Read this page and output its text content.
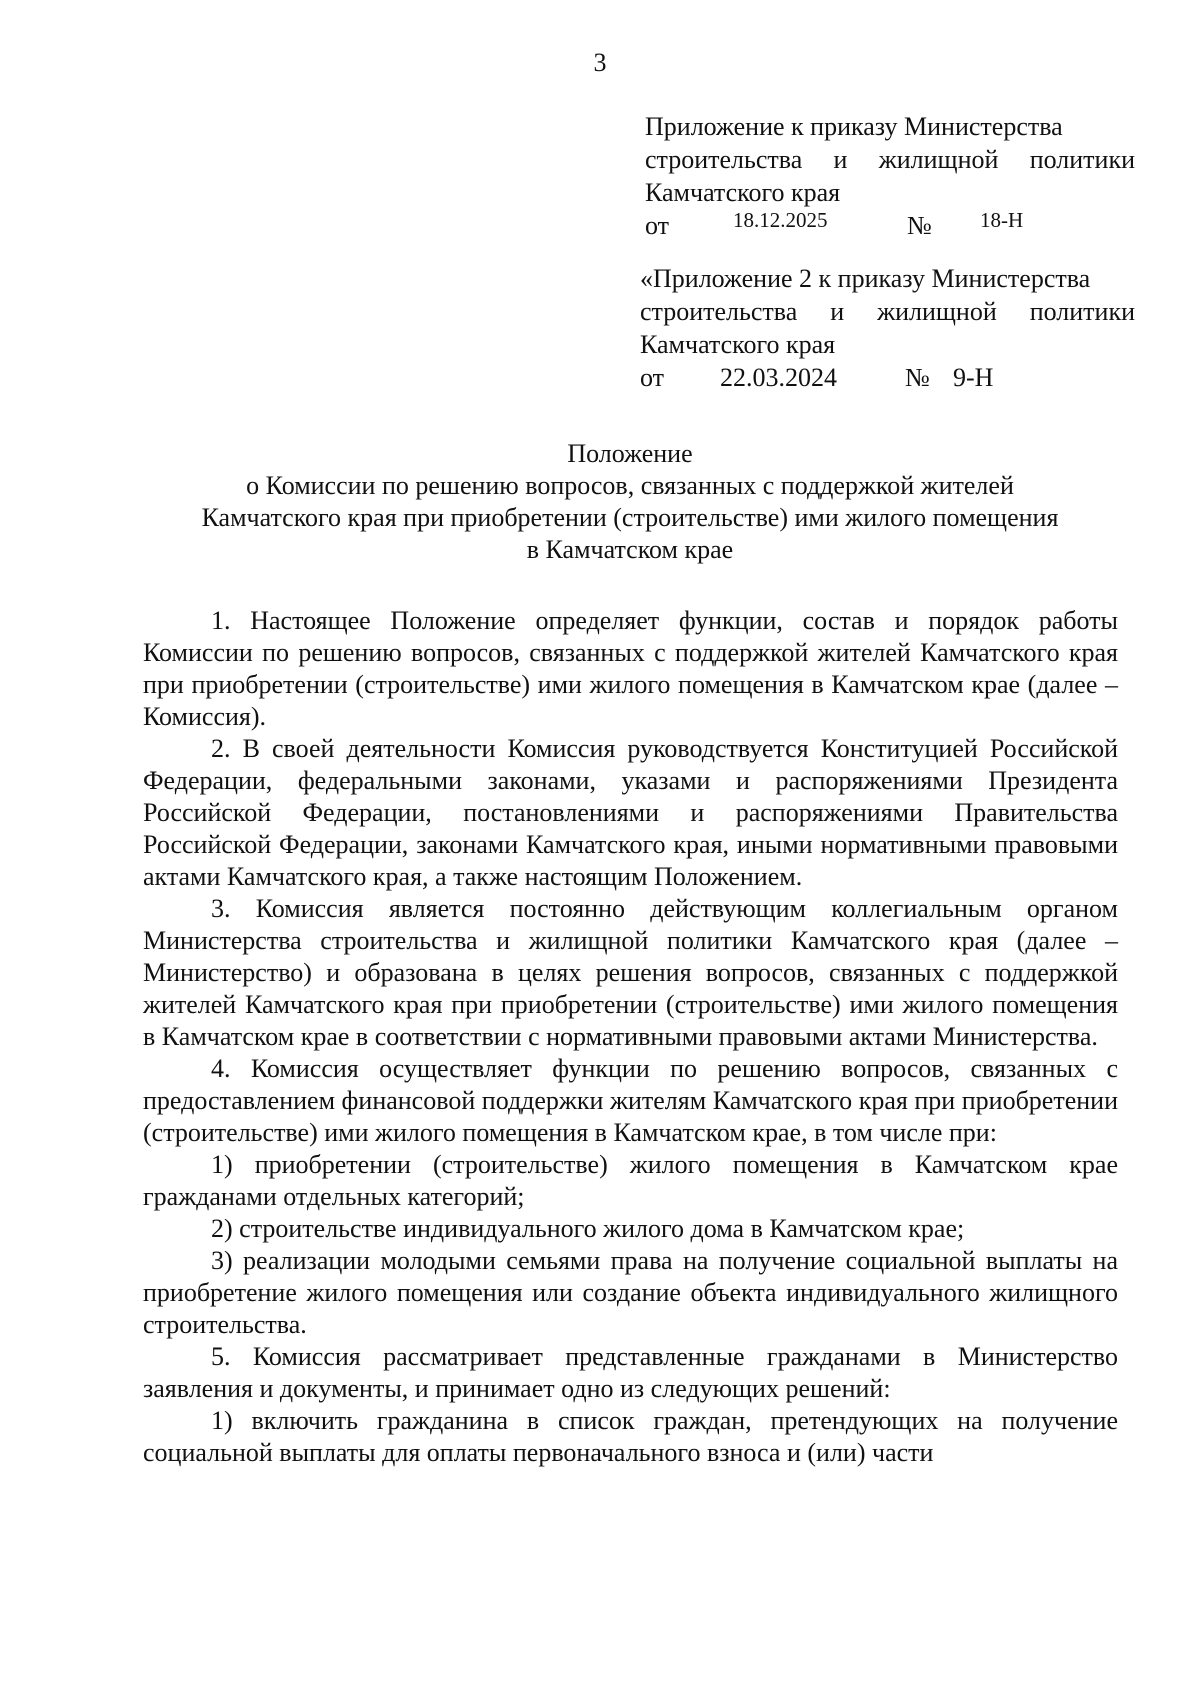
3
Приложение к приказу Министерства
строительства и жилищной политики
Камчатского края
от	18.12.2025	№ 18-Н
«Приложение 2 к приказу Министерства
строительства и жилищной политики
Камчатского края
от 22.03.2024	№ 9-Н
Положение
о Комиссии по решению вопросов, связанных с поддержкой жителей
Камчатского края при приобретении (строительстве) ими жилого помещения
в Камчатском крае

1. Настоящее Положение определяет функции, состав и порядок работы Комиссии по решению вопросов, связанных с поддержкой жителей Камчатского края при приобретении (строительстве) ими жилого помещения в Камчатском крае (далее – Комиссия).

2. В своей деятельности Комиссия руководствуется Конституцией Российской Федерации, федеральными законами, указами и распоряжениями Президента Российской Федерации, постановлениями и распоряжениями Правительства Российской Федерации, законами Камчатского края, иными нормативными правовыми актами Камчатского края, а также настоящим Положением.

3. Комиссия является постоянно действующим коллегиальным органом Министерства строительства и жилищной политики Камчатского края (далее – Министерство) и образована в целях решения вопросов, связанных с поддержкой жителей Камчатского края при приобретении (строительстве) ими жилого помещения в Камчатском крае в соответствии с нормативными правовыми актами Министерства.

4. Комиссия осуществляет функции по решению вопросов, связанных с предоставлением финансовой поддержки жителям Камчатского края при приобретении (строительстве) ими жилого помещения в Камчатском крае, в том числе при:

1) приобретении (строительстве) жилого помещения в Камчатском крае гражданами отдельных категорий;

2) строительстве индивидуального жилого дома в Камчатском крае;

3) реализации молодыми семьями права на получение социальной выплаты на приобретение жилого помещения или создание объекта индивидуального жилищного строительства.

5. Комиссия рассматривает представленные гражданами в Министерство заявления и документы, и принимает одно из следующих решений:

1) включить гражданина в список граждан, претендующих на получение социальной выплаты для оплаты первоначального взноса и (или) части
